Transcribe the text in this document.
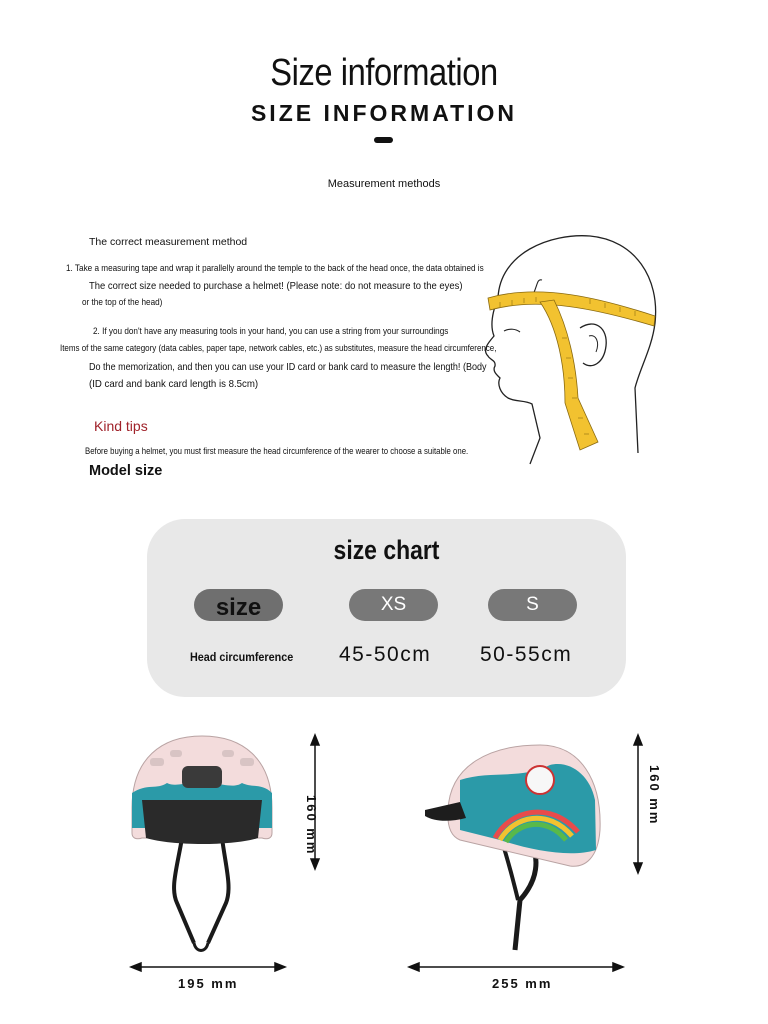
Size information
SIZE INFORMATION
Measurement methods
The correct measurement method
1. Take a measuring tape and wrap it parallelly around the temple to the back of the head once, the data obtained is
The correct size needed to purchase a helmet! (Please note: do not measure to the eyes)
or the top of the head)
2. If you don't have any measuring tools in your hand, you can use a string from your surroundings
Items of the same category (data cables, paper tape, network cables, etc.) as substitutes, measure the head circumference,
Do the memorization, and then you can use your ID card or bank card to measure the length! (Body
(ID card and bank card length is 8.5cm)
Kind tips
Before buying a helmet, you must first measure the head circumference of the wearer to choose a suitable one.
Model size
size chart
size	XS	S
Head circumference 45-50cm 50-55cm
160 mm
195 mm
160 mm
255 mm
